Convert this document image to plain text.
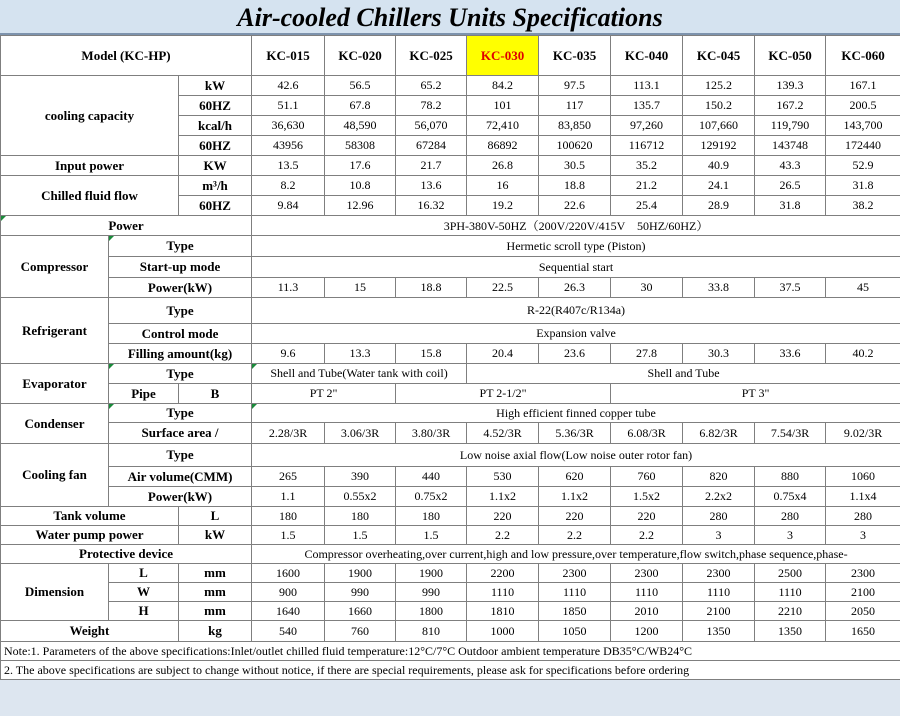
Air-cooled Chillers Units Specifications
Model (KC-HP)			KC-015	KC-020	KC-025	KC-030	KC-035	KC-040	KC-045	KC-050	KC-060
cooling capacity		kW	42.6	56.5	65.2	84.2	97.5	113.1	125.2	139.3	167.1
		60HZ	51.1	67.8	78.2	101	117	135.7	150.2	167.2	200.5
		kcal/h	36,630	48,590	56,070	72,410	83,850	97,260	107,660	119,790	143,700
		60HZ	43956	58308	67284	86892	100620	116712	129192	143748	172440
Input power		KW	13.5	17.6	21.7	26.8	30.5	35.2	40.9	43.3	52.9
Chilled fluid flow		m³/h	8.2	10.8	13.6	16	18.8	21.2	24.1	26.5	31.8
		60HZ	9.84	12.96	16.32	19.2	22.6	25.4	28.9	31.8	38.2
Power			3PH-380V-50HZ（200V/220V/415V　50HZ/60HZ）								
Compressor	Type		Hermetic scroll type (Piston)								
	Start-up mode		Sequential start								
	Power(kW)		11.3	15	18.8	22.5	26.3	30	33.8	37.5	45
Refrigerant	Type		R-22(R407c/R134a)								
	Control mode		Expansion valve								
	Filling amount(kg)		9.6	13.3	15.8	20.4	23.6	27.8	30.3	33.6	40.2
Evaporator	Type		Shell and Tube(Water tank with coil)			Shell and Tube					
	Pipe	B	PT 2"		PT 2-1/2"			PT 3"			
Condenser	Type		High efficient finned copper tube								
	Surface area /		2.28/3R	3.06/3R	3.80/3R	4.52/3R	5.36/3R	6.08/3R	6.82/3R	7.54/3R	9.02/3R
Cooling fan	Type		Low noise axial flow(Low noise outer rotor fan)								
	Air volume(CMM)		265	390	440	530	620	760	820	880	1060
	Power(kW)		1.1	0.55x2	0.75x2	1.1x2	1.1x2	1.5x2	2.2x2	0.75x4	1.1x4
Tank volume		L	180	180	180	220	220	220	280	280	280
Water pump power		kW	1.5	1.5	1.5	2.2	2.2	2.2	3	3	3
Protective device			Compressor overheating,over current,high and low pressure,over temperature,flow switch,phase sequence,phase-								
Dimension	L	mm	1600	1900	1900	2200	2300	2300	2300	2500	2300
	W	mm	900	990	990	1110	1110	1110	1110	1110	2100
	H	mm	1640	1660	1800	1810	1850	2010	2100	2210	2050
Weight		kg	540	760	810	1000	1050	1200	1350	1350	1650
Note:1. Parameters of the above specifications:Inlet/outlet chilled fluid temperature:12°C/7°C Outdoor ambient temperature DB35°C/WB24°C											
2. The above specifications are subject to change without notice, if there are special requirements, please ask for specifications before ordering											
